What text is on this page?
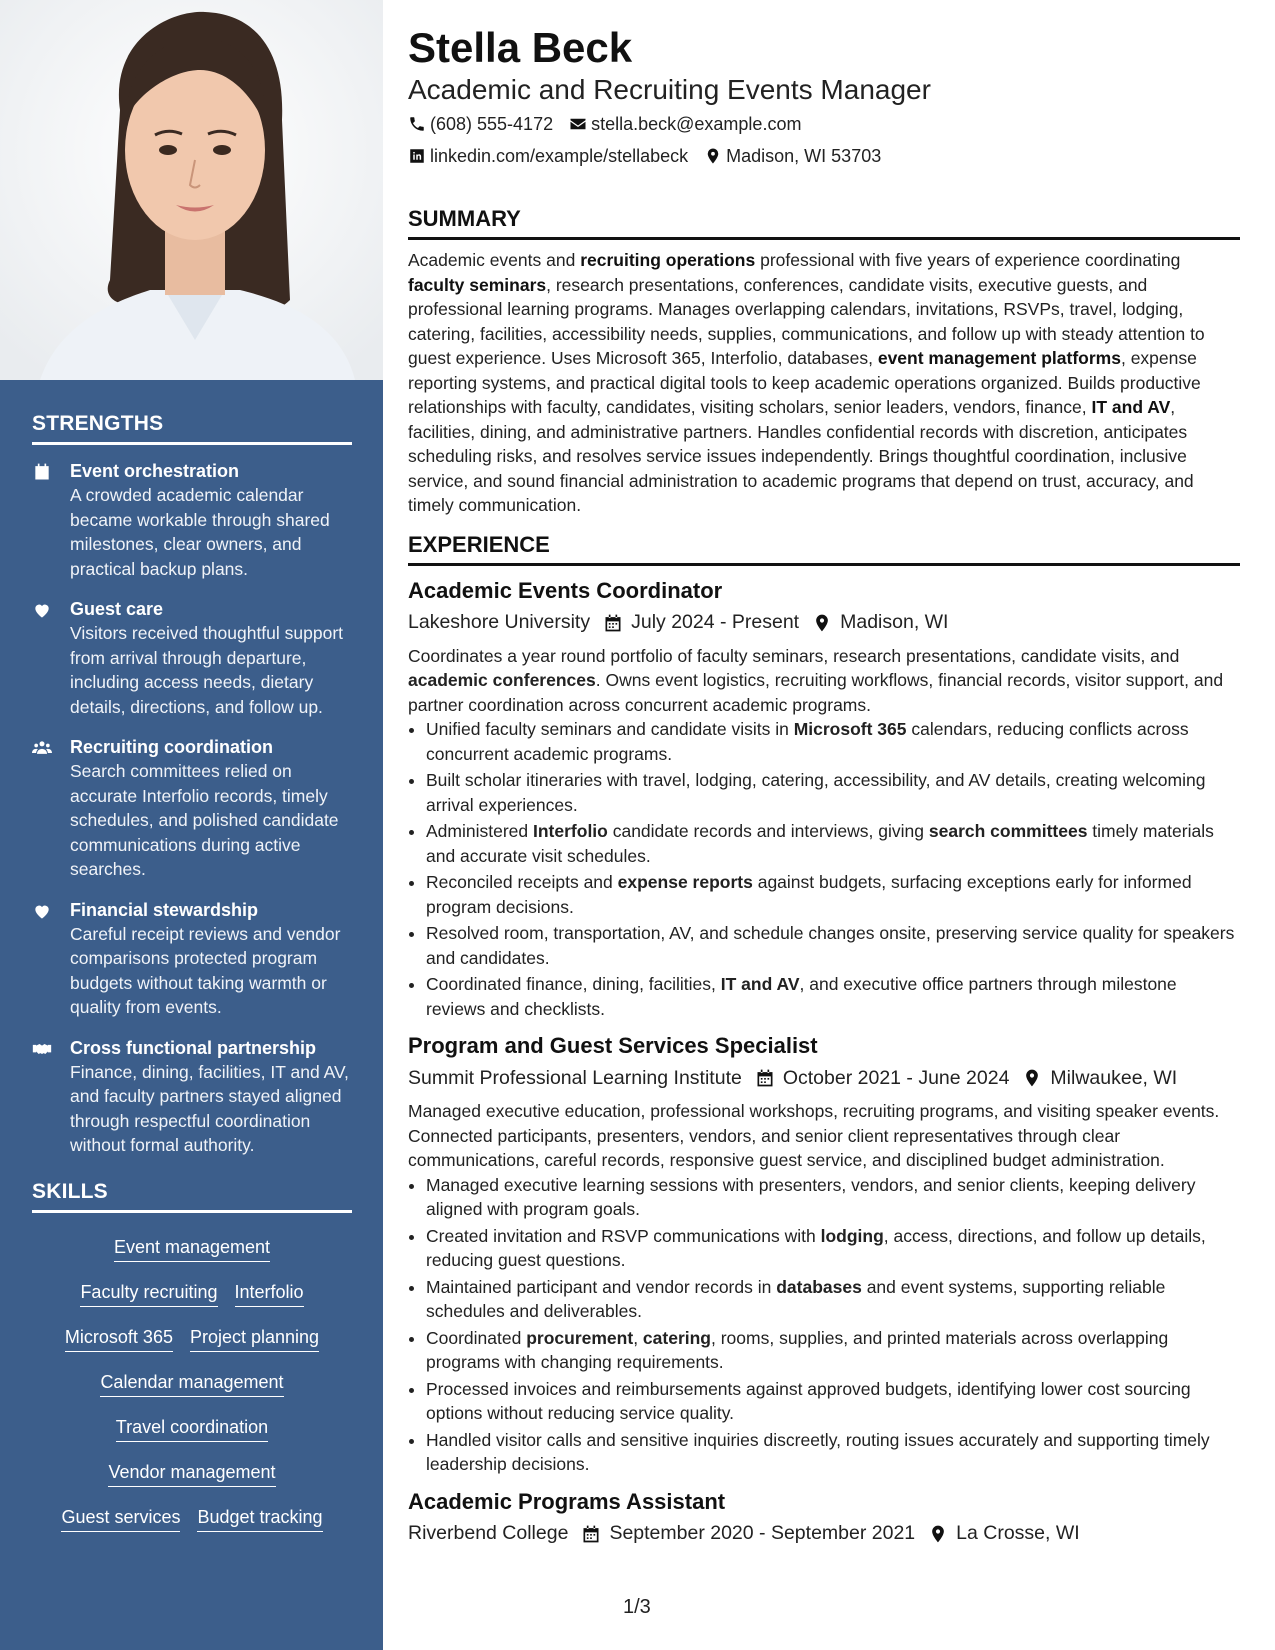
STRENGTHS
Event orchestration
A crowded academic calendar became workable through shared milestones, clear owners, and practical backup plans.
Guest care
Visitors received thoughtful support from arrival through departure, including access needs, dietary details, directions, and follow up.
Recruiting coordination
Search committees relied on accurate Interfolio records, timely schedules, and polished candidate communications during active searches.
Financial stewardship
Careful receipt reviews and vendor comparisons protected program budgets without taking warmth or quality from events.
Cross functional partnership
Finance, dining, facilities, IT and AV, and faculty partners stayed aligned through respectful coordination without formal authority.
SKILLS
Event management
Faculty recruiting Interfolio
Microsoft 365 Project planning
Calendar management
Travel coordination
Vendor management
Guest services Budget tracking
Stella Beck
Academic and Recruiting Events Manager
(608) 555-4172 stella.beck@example.com
linkedin.com/example/stellabeck Madison, WI 53703
SUMMARY
Academic events and recruiting operations professional with five years of experience coordinating faculty seminars, research presentations, conferences, candidate visits, executive guests, and professional learning programs. Manages overlapping calendars, invitations, RSVPs, travel, lodging, catering, facilities, accessibility needs, supplies, communications, and follow up with steady attention to guest experience. Uses Microsoft 365, Interfolio, databases, event management platforms, expense reporting systems, and practical digital tools to keep academic operations organized. Builds productive relationships with faculty, candidates, visiting scholars, senior leaders, vendors, finance, IT and AV, facilities, dining, and administrative partners. Handles confidential records with discretion, anticipates scheduling risks, and resolves service issues independently. Brings thoughtful coordination, inclusive service, and sound financial administration to academic programs that depend on trust, accuracy, and timely communication.
EXPERIENCE
Academic Events Coordinator
Lakeshore University July 2024 - Present Madison, WI
Coordinates a year round portfolio of faculty seminars, research presentations, candidate visits, and academic conferences. Owns event logistics, recruiting workflows, financial records, visitor support, and partner coordination across concurrent academic programs.
• Unified faculty seminars and candidate visits in Microsoft 365 calendars, reducing conflicts across concurrent academic programs.
• Built scholar itineraries with travel, lodging, catering, accessibility, and AV details, creating welcoming arrival experiences.
• Administered Interfolio candidate records and interviews, giving search committees timely materials and accurate visit schedules.
• Reconciled receipts and expense reports against budgets, surfacing exceptions early for informed program decisions.
• Resolved room, transportation, AV, and schedule changes onsite, preserving service quality for speakers and candidates.
• Coordinated finance, dining, facilities, IT and AV, and executive office partners through milestone reviews and checklists.
Program and Guest Services Specialist
Summit Professional Learning Institute October 2021 - June 2024 Milwaukee, WI
Managed executive education, professional workshops, recruiting programs, and visiting speaker events. Connected participants, presenters, vendors, and senior client representatives through clear communications, careful records, responsive guest service, and disciplined budget administration.
• Managed executive learning sessions with presenters, vendors, and senior clients, keeping delivery aligned with program goals.
• Created invitation and RSVP communications with lodging, access, directions, and follow up details, reducing guest questions.
• Maintained participant and vendor records in databases and event systems, supporting reliable schedules and deliverables.
• Coordinated procurement, catering, rooms, supplies, and printed materials across overlapping programs with changing requirements.
• Processed invoices and reimbursements against approved budgets, identifying lower cost sourcing options without reducing service quality.
• Handled visitor calls and sensitive inquiries discreetly, routing issues accurately and supporting timely leadership decisions.
Academic Programs Assistant
Riverbend College September 2020 - September 2021 La Crosse, WI
1/3
